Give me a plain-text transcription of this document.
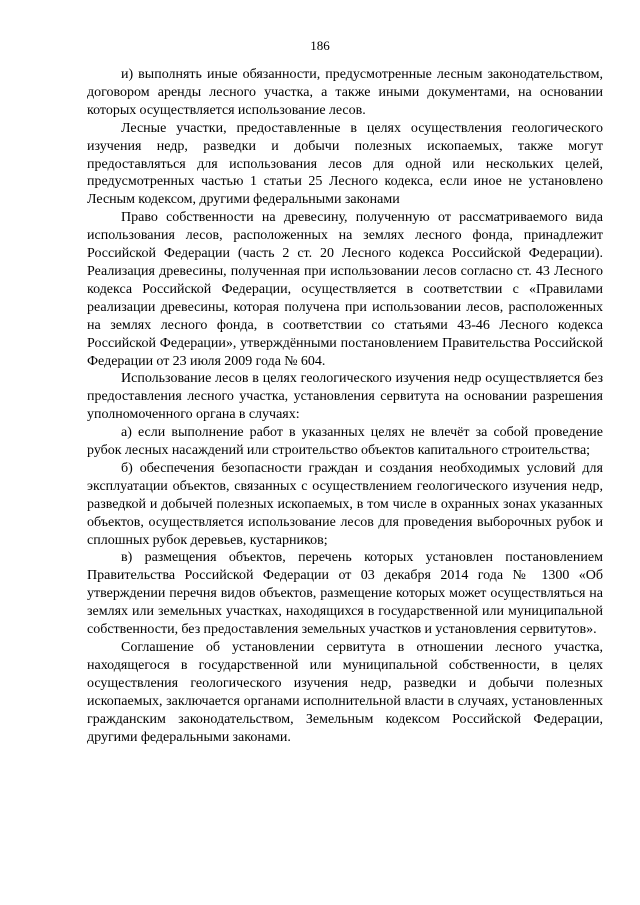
186

и) выполнять иные обязанности, предусмотренные лесным законодательством, договором аренды лесного участка, а также иными документами, на основании которых осуществляется использование лесов.

Лесные участки, предоставленные в целях осуществления геологического изучения недр, разведки и добычи полезных ископаемых, также могут предоставляться для использования лесов для одной или нескольких целей, предусмотренных частью 1 статьи 25 Лесного кодекса, если иное не установлено Лесным кодексом, другими федеральными законами

Право собственности на древесину, полученную от рассматриваемого вида использования лесов, расположенных на землях лесного фонда, принадлежит Российской Федерации (часть 2 ст. 20 Лесного кодекса Российской Федерации). Реализация древесины, полученная при использовании лесов согласно ст. 43 Лесного кодекса Российской Федерации, осуществляется в соответствии с «Правилами реализации древесины, которая получена при использовании лесов, расположенных на землях лесного фонда, в соответствии со статьями 43-46 Лесного кодекса Российской Федерации», утверждёнными постановлением Правительства Российской Федерации от 23 июля 2009 года № 604.

Использование лесов в целях геологического изучения недр осуществляется без предоставления лесного участка, установления сервитута на основании разрешения уполномоченного органа в случаях:

а) если выполнение работ в указанных целях не влечёт за собой проведение рубок лесных насаждений или строительство объектов капитального строительства;

б) обеспечения безопасности граждан и создания необходимых условий для эксплуатации объектов, связанных с осуществлением геологического изучения недр, разведкой и добычей полезных ископаемых, в том числе в охранных зонах указанных объектов, осуществляется использование лесов для проведения выборочных рубок и сплошных рубок деревьев, кустарников;

в) размещения объектов, перечень которых установлен постановлением Правительства Российской Федерации от 03 декабря 2014 года № 1300 «Об утверждении перечня видов объектов, размещение которых может осуществляться на землях или земельных участках, находящихся в государственной или муниципальной собственности, без предоставления земельных участков и установления сервитутов».

Соглашение об установлении сервитута в отношении лесного участка, находящегося в государственной или муниципальной собственности, в целях осуществления геологического изучения недр, разведки и добычи полезных ископаемых, заключается органами исполнительной власти в случаях, установленных гражданским законодательством, Земельным кодексом Российской Федерации, другими федеральными законами.
